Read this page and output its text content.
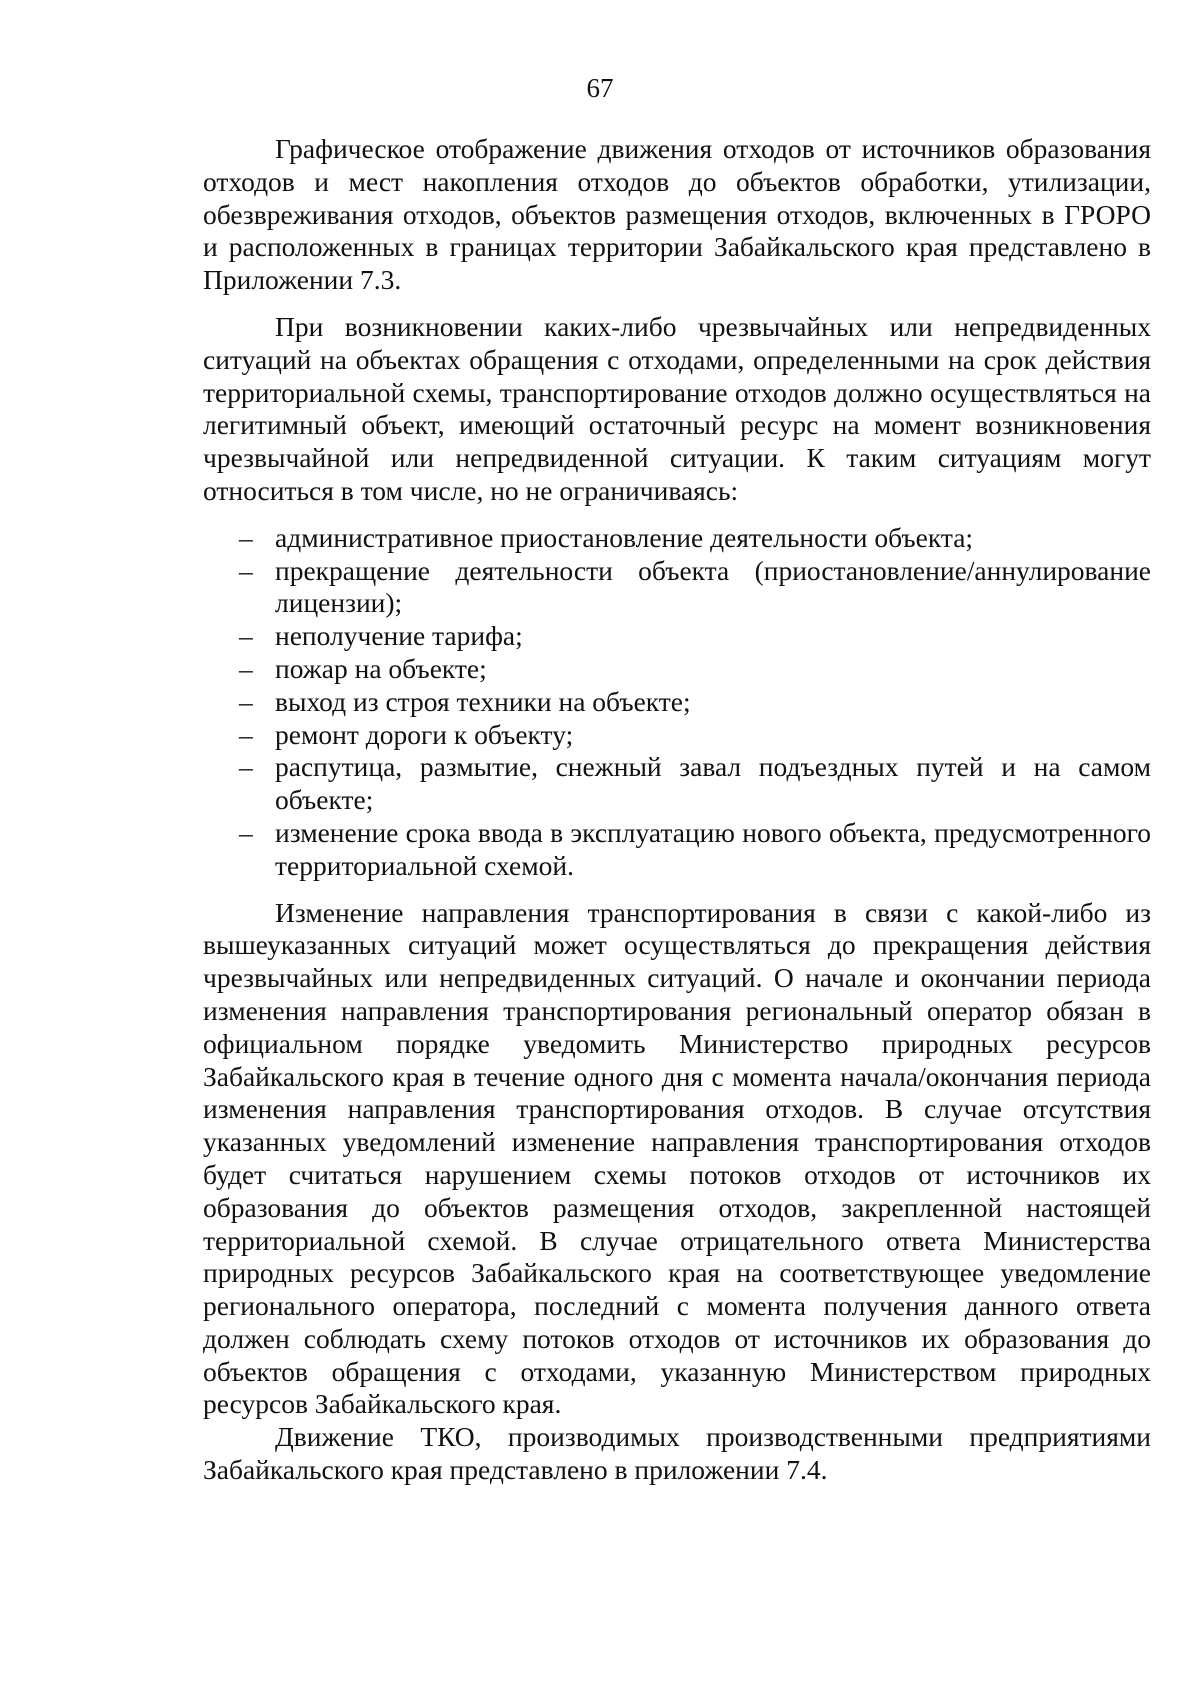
67

Графическое отображение движения отходов от источников образования отходов и мест накопления отходов до объектов обработки, утилизации, обезвреживания отходов, объектов размещения отходов, включенных в ГРОРО и расположенных в границах территории Забайкальского края представлено в Приложении 7.3.

При возникновении каких-либо чрезвычайных или непредвиденных ситуаций на объектах обращения с отходами, определенными на срок действия территориальной схемы, транспортирование отходов должно осуществляться на легитимный объект, имеющий остаточный ресурс на момент возникновения чрезвычайной или непредвиденной ситуации. К таким ситуациям могут относиться в том числе, но не ограничиваясь:

– административное приостановление деятельности объекта;
– прекращение деятельности объекта (приостановление/аннулирование лицензии);
– неполучение тарифа;
– пожар на объекте;
– выход из строя техники на объекте;
– ремонт дороги к объекту;
– распутица, размытие, снежный завал подъездных путей и на самом объекте;
– изменение срока ввода в эксплуатацию нового объекта, предусмотренного территориальной схемой.

Изменение направления транспортирования в связи с какой-либо из вышеуказанных ситуаций может осуществляться до прекращения действия чрезвычайных или непредвиденных ситуаций. О начале и окончании периода изменения направления транспортирования региональный оператор обязан в официальном порядке уведомить Министерство природных ресурсов Забайкальского края в течение одного дня с момента начала/окончания периода изменения направления транспортирования отходов. В случае отсутствия указанных уведомлений изменение направления транспортирования отходов будет считаться нарушением схемы потоков отходов от источников их образования до объектов размещения отходов, закрепленной настоящей территориальной схемой. В случае отрицательного ответа Министерства природных ресурсов Забайкальского края на соответствующее уведомление регионального оператора, последний с момента получения данного ответа должен соблюдать схему потоков отходов от источников их образования до объектов обращения с отходами, указанную Министерством природных ресурсов Забайкальского края.

Движение ТКО, производимых производственными предприятиями Забайкальского края представлено в приложении 7.4.
